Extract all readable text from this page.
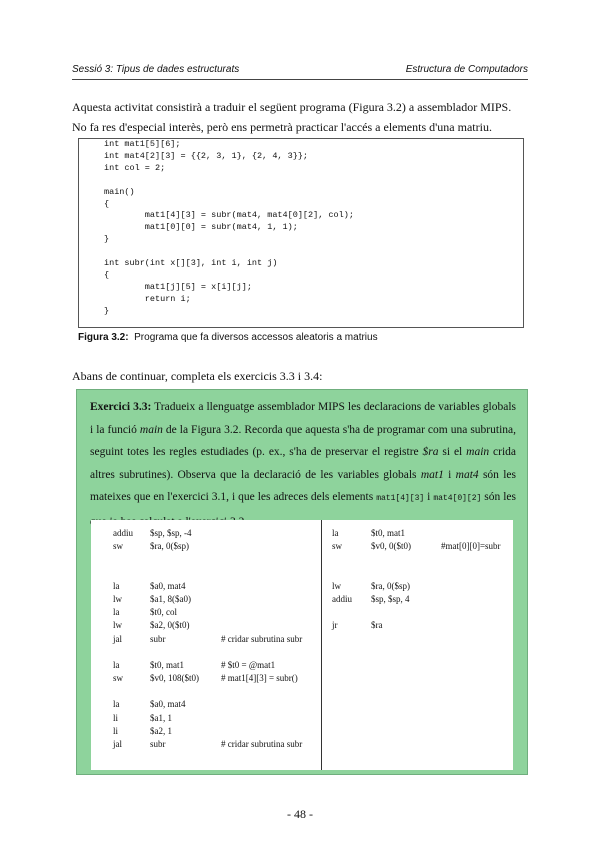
Sessió 3: Tipus de dades estructurats	Estructura de Computadors
Aquesta activitat consistirà a traduir el següent programa (Figura 3.2) a assemblador MIPS.
No fa res d'especial interès, però ens permetrà practicar l'accés a elements d'una matriu.
int mat1[5][6];
int mat4[2][3] = {{2, 3, 1}, {2, 4, 3}};
int col = 2;

main()
{
mat1[4][3] = subr(mat4, mat4[0][2], col);
mat1[0][0] = subr(mat4, 1, 1);
}

int subr(int x[][3], int i, int j)
{
mat1[j][5] = x[i][j];
return i;
}
Figura 3.2: Programa que fa diversos accessos aleatoris a matrius
Abans de continuar, completa els exercicis 3.3 i 3.4:
Exercici 3.3: Tradueix a llenguatge assemblador MIPS les declaracions de variables globals i la funció main de la Figura 3.2. Recorda que aquesta s'ha de programar com una subrutina, seguint totes les regles estudiades (p. ex., s'ha de preservar el registre $ra si el main crida altres subrutines). Observa que la declaració de les variables globals mat1 i mat4 són les mateixes que en l'exercici 3.1, i que les adreces dels elements mat1[4][3] i mat4[0][2] són les
addiu $sp, $sp, -4
sw	$ra, 0($sp)
la	$a0, mat4
lw	$a1, 8($a0)
la	$t0, col
lw	$a2, 0($t0)
jal	subr	# cridar subrutina subr
la	$t0, mat1	# $t0 = @mat1
sw	$v0, 108($t0) # mat1[4][3] = subr()
la	$a0, mat4
li	$a1, 1
li	$a2, 1
jal	subr	# cridar subrutina subr
la	$t0, mat1
sw	$v0, 0($t0)	#mat[0][0]=subr
lw	$ra, 0($sp)
addiu $sp, $sp, 4
jr	$ra
- 48 -
